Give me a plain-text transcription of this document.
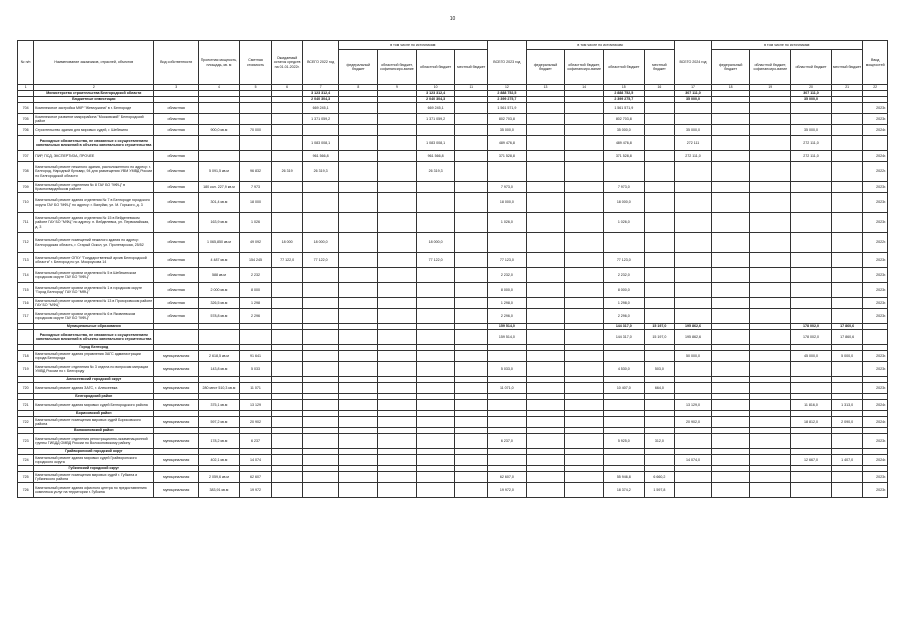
10
№ п/п	Наименование заказчиков, отраслей, объектов	Вид собственности	Проектная мощность, площадь, кв. м	Сметная стоимость	Ожидаемый остаток средств на 01.01.2022г.	ВСЕГО 2022 год	в том числе по источникам:				ВСЕГО 2023 год	в том числе по источникам:				ВСЕГО 2024 год	в том числе по источникам:				Ввод мощностей
							федеральный бюджет	областной бюджет, софинансиро-вание	областной бюджет	местный бюджет		федеральный бюджет	областной бюджет, софинансиро-вание	областной бюджет	местный бюджет		федеральный бюджет	областной бюджет, софинансиро-вание	областной бюджет	местный бюджет	
1	2	3	4	5	6	7	8	9	10	11	12	13	14	15	16	17	18	19	20	21	22
	Министерство строительства Белгородской области					3 123 312,4			3 123 312,4		2 888 752,5			2 888 752,5		307 111,0			307 111,0		
	Бюджетные инвестиции					2 040 304,3			2 040 304,3		2 399 275,7			2 399 275,7		35 000,0			35 000,0		
704	Комплексное застройка МКР "Жемчужина" в г. Белгороде	областная				669 245,1			669 245,1		1 561 571,9			1 561 571,9							2023г.
705	Комплексное развитие микрорайона "Московский" Белгородский район	областная				1 371 059,2			1 371 059,2		802 703,8			802 703,8							2023г.
706	Строительство здания для мировых судей, г. Шебекино	областная	900,0 кв.м	70 000							35 000,0			35 000,0		35 000,0			35 000,0		2024г.
	Расходные обязательства, не связанные с осуществлением капитальных вложений в объекты капитального строительства					1 083 008,1			1 083 008,1		489 476,8			489 476,8		272 111			272 111,0		
707	ПИР, ПСД, ЭКСПЕРТИЗА, ПРОЧЕЕ	областная				961 566,8			961 566,8		371 528,8			371 528,8		272 111,0			272 111,0		2024г.
708	Капитальный ремонт нежилого здания, расположенного по адресу: г. Белгород, Народный бульвар, 94 для размещения УВМ УМВД России по Белгородской области	областная	5 091,5 кв.м	96 832	26 319	26 319,3			26 319,3												2022г.
709	Капитальный ремонт отделения № 8 ГАУ БО "МФЦ" в Красногвардейском районе	областная	180 кол. 227,9 кв.м	7 973							7 973,0			7 973,0							2023г.
710	Капитальный ремонт здания отделения № 7 в Белгороде городского округа ГАУ БО "МФЦ" по адресу: г. Валуйки, ул. М. Горького, д. 3	областная	301,4 кв.м	18 000							18 000,0			18 000,0							2023г.
711	Капитальный ремонт здания отделения № 15 в Вейделевском районе ГАУ БО "МФЦ" по адресу: п. Вейделевка, ул. Первомайская, д. 3	областная	163,9 кв.м	1 026							1 026,0			1 026,0							2023г.
712	Капитальный ремонт помещений нежилого здания по адресу: Белгородская область, г. Старый Оскол, ул. Пролетарская, 25/52	областная	1 065,850 кв.м	49 092	18 000	18 000,0			18 000,0												2022г.
713	Капитальный ремонт ОГКУ "Государственный архив Белгородской области" г. Белгород по ул. Мокроусова 14	областная	4 487 кв.м	154 245	77 122,0	77 122,0			77 122,0		77 123,0			77 123,0							2023г.
714	Капитальный ремонт кровли отделения № 5 в Шебекинском городском округе ГАУ БО "МФЦ"	областная	588 кв.м	2 232							2 232,0			2 232,0							2023г.
715	Капитальный ремонт кровли отделения № 1 в городском округе "Город Белгород" ГАУ БО "МФЦ"	областная	2 000 кв.м	8 000							8 000,0			8 000,0							2023г.
716	Капитальный ремонт кровли отделения № 13 в Прохоровском районе ГАУ БО "МФЦ"	областная	326,5 кв.м	1 298							1 298,0			1 298,0							2023г.
717	Капитальный ремонт кровли отделения № 6 в Яковлевском городском округе ГАУ БО "МФЦ"	областная	578,8 кв.м	2 296							2 296,0			2 296,0							2023г.
	Муниципальные образования										159 514,0			144 317,0	15 197,0	195 862,6			178 002,0	17 860,6	
	Расходные обязательства, не связанные с осуществлением капитальных вложений в объекты капитального строительства										159 514,0			144 317,0	15 197,0	195 862,6			178 002,0	17 860,6	
	Город Белгород																				
718	Капитальный ремонт здания управления ЗАГС администрации города Белгорода	муниципальная	2 618,5 кв.м	91 641												50 000,0			45 000,0	5 000,0	2023г.
719	Капитальный ремонт отделения № 3 отдела по вопросам миграции УМВД России по г. Белгороду	муниципальная	143,8 кв.м	5 033							5 033,0			4 530,0	503,0						2023г.
	Алексеевский городской округ																				
720	Капитальный ремонт здания ЗАГС, г. Алексеевка	муниципальная	280 мест 510,3 кв.м	11 071							11 071,0			10 407,0	664,0						2023г.
	Белгородский район																				
721	Капитальный ремонт здания мировых судей Белгородского района	муниципальная	375,1 кв.м	13 129												13 129,0			11 816,0	1 313,0	2024г.
	Борисовский район																				
722	Капитальный ремонт помещения мировых судей Борисовского района	муниципальная	597,2 кв.м	20 902												20 902,0			18 812,0	2 090,0	2024г.
	Волоконовский район																				
723	Капитальный ремонт отделения регистрационно-экзаменационной группы ГИБДД ОМВД России по Волоконовскому району	муниципальная	178,2 кв.м	6 237							6 237,0			5 925,0	312,0						2023г.
	Грайворонский городской округ																				
724	Капитальный ремонт здания мировых судей Грайворонского городского округа	муниципальная	402,1 кв.м	14 074												14 074,0			12 667,0	1 407,0	2024г.
	Губкинский городской округ																				
725	Капитальный ремонт помещения мировых судей г. Губкина и Губкинского района	муниципальная	2 059,6 кв.м	62 607							62 607,0			55 946,8	6 660,2						2023г.
726	Капитальный ремонт здания офисного центра по предоставлению комплекса услуг на территории г. Губкина	муниципальная	383,91 кв.м	19 972							19 972,0			18 374,2	1 597,8						2023г.
